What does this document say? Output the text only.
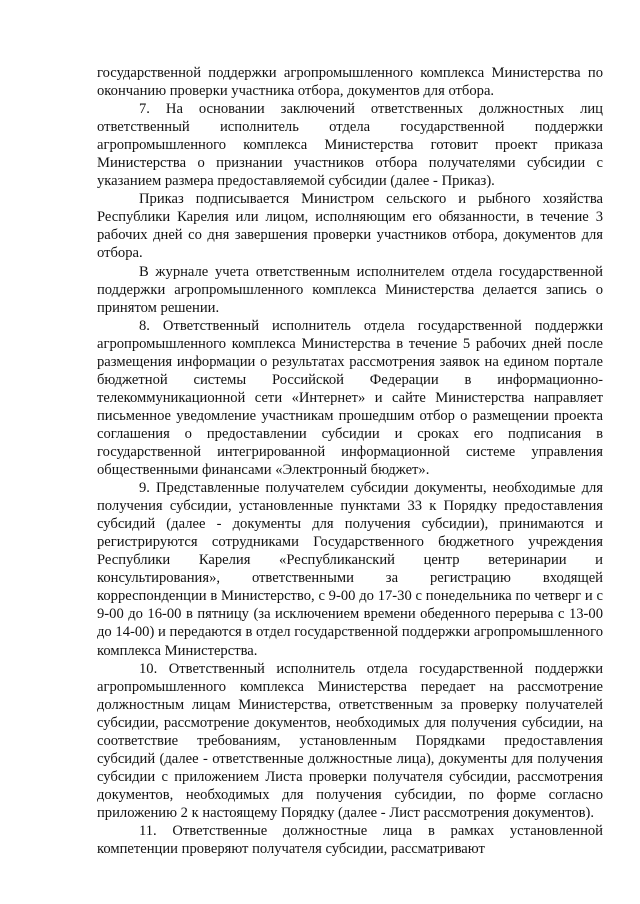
государственной поддержки агропромышленного комплекса Министерства по окончанию проверки участника отбора, документов для отбора.

7. На основании заключений ответственных должностных лиц ответственный исполнитель отдела государственной поддержки агропромышленного комплекса Министерства готовит проект приказа Министерства о признании участников отбора получателями субсидии с указанием размера предоставляемой субсидии (далее - Приказ).

Приказ подписывается Министром сельского и рыбного хозяйства Республики Карелия или лицом, исполняющим его обязанности, в течение 3 рабочих дней со дня завершения проверки участников отбора, документов для отбора.

В журнале учета ответственным исполнителем отдела государственной поддержки агропромышленного комплекса Министерства делается запись о принятом решении.

8. Ответственный исполнитель отдела государственной поддержки агропромышленного комплекса Министерства в течение 5 рабочих дней после размещения информации о результатах рассмотрения заявок на едином портале бюджетной системы Российской Федерации в информационно-телекоммуникационной сети «Интернет» и сайте Министерства направляет письменное уведомление участникам прошедшим отбор о размещении проекта соглашения о предоставлении субсидии и сроках его подписания в государственной интегрированной информационной системе управления общественными финансами «Электронный бюджет».

9. Представленные получателем субсидии документы, необходимые для получения субсидии, установленные пунктами 33 к Порядку предоставления субсидий (далее - документы для получения субсидии), принимаются и регистрируются сотрудниками Государственного бюджетного учреждения Республики Карелия «Республиканский центр ветеринарии и консультирования», ответственными за регистрацию входящей корреспонденции в Министерство, с 9-00 до 17-30 с понедельника по четверг и с 9-00 до 16-00 в пятницу (за исключением времени обеденного перерыва с 13-00 до 14-00) и передаются в отдел государственной поддержки агропромышленного комплекса Министерства.

10. Ответственный исполнитель отдела государственной поддержки агропромышленного комплекса Министерства передает на рассмотрение должностным лицам Министерства, ответственным за проверку получателей субсидии, рассмотрение документов, необходимых для получения субсидии, на соответствие требованиям, установленным Порядками предоставления субсидий (далее - ответственные должностные лица), документы для получения субсидии с приложением Листа проверки получателя субсидии, рассмотрения документов, необходимых для получения субсидии, по форме согласно приложению 2 к настоящему Порядку (далее - Лист рассмотрения документов).

11. Ответственные должностные лица в рамках установленной компетенции проверяют получателя субсидии, рассматривают
